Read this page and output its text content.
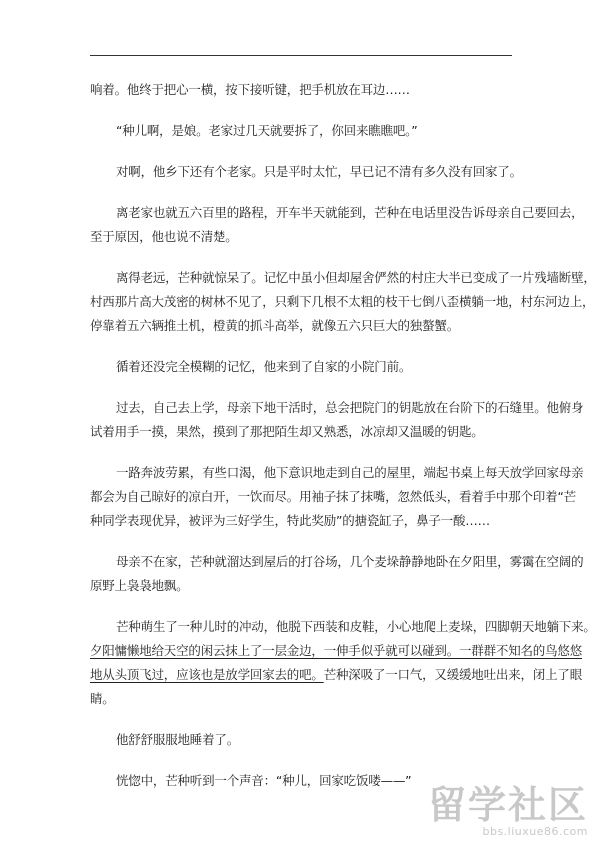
响着。他终于把心一横，按下接听键，把手机放在耳边……
“种儿啊，是娘。老家过几天就要拆了，你回来瞧瞧吧。”
对啊，他乡下还有个老家。只是平时太忙，早已记不清有多久没有回家了。
离老家也就五六百里的路程，开车半天就能到，芒种在电话里没告诉母亲自己要回去，
至于原因，他也说不清楚。
离得老远，芒种就惊呆了。记忆中虽小但却屋舍俨然的村庄大半已变成了一片残墙断壁，
村西那片高大茂密的树林不见了，只剩下几根不太粗的枝干七倒八歪横躺一地，村东河边上，
停靠着五六辆推土机，橙黄的抓斗高举，就像五六只巨大的独螯蟹。
循着还没完全模糊的记忆，他来到了自家的小院门前。
过去，自己去上学，母亲下地干活时，总会把院门的钥匙放在台阶下的石缝里。他俯身
试着用手一摸，果然，摸到了那把陌生却又熟悉，冰凉却又温暖的钥匙。
一路奔波劳累，有些口渴，他下意识地走到自己的屋里，端起书桌上每天放学回家母亲
都会为自己晾好的凉白开，一饮而尽。用袖子抹了抹嘴，忽然低头，看着手中那个印着“芒
种同学表现优异，被评为三好学生，特此奖励”的搪瓷缸子，鼻子一酸……
母亲不在家，芒种就溜达到屋后的打谷场，几个麦垛静静地卧在夕阳里，雾霭在空阔的
原野上袅袅地飘。
芒种萌生了一种儿时的冲动，他脱下西装和皮鞋，小心地爬上麦垛，四脚朝天地躺下来。
夕阳慵懒地给天空的闲云抹上了一层金边，一伸手似乎就可以碰到。一群群不知名的鸟悠悠
地从头顶飞过，应该也是放学回家去的吧。芒种深吸了一口气，又缓缓地吐出来，闭上了眼
睛。
他舒舒服服地睡着了。
恍惚中，芒种听到一个声音：“种儿，回家吃饭喽——”
留学社区
bbs.liuxue86.com
